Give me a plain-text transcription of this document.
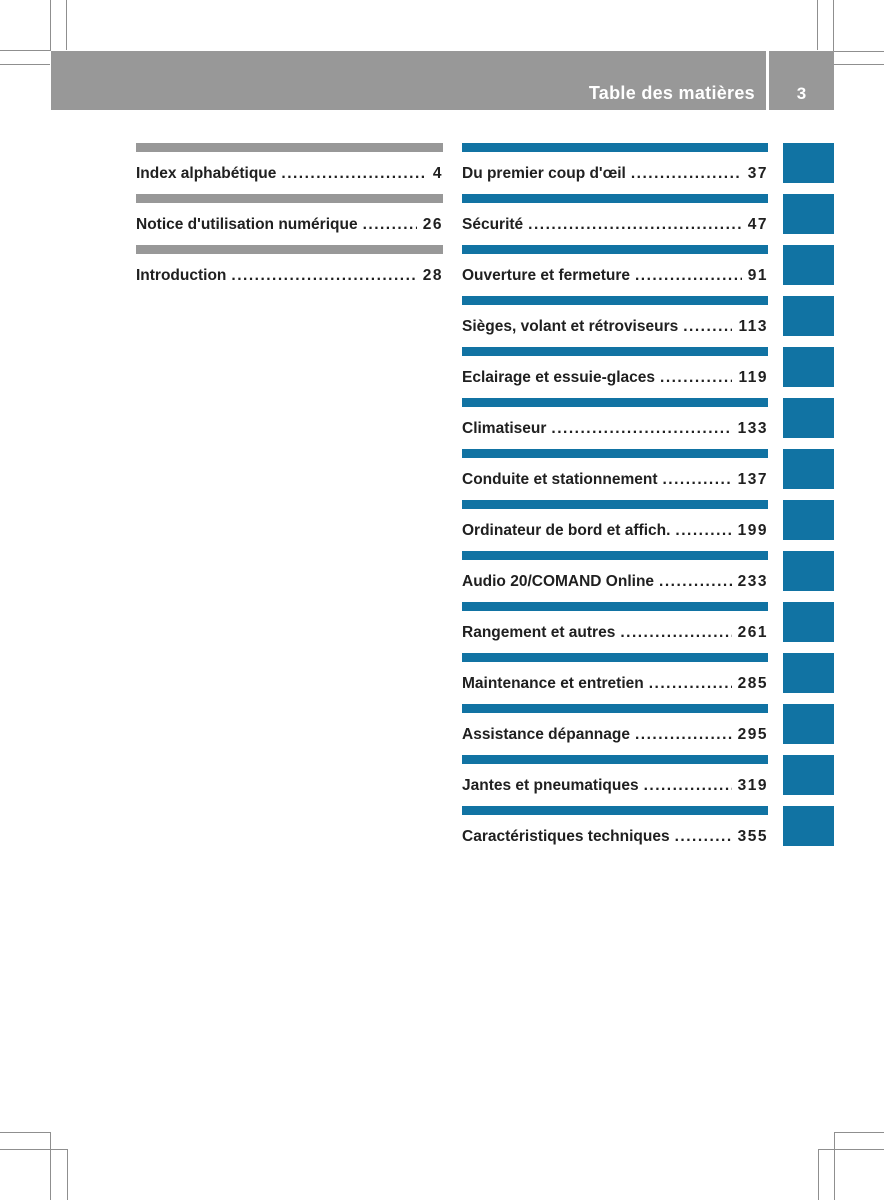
Table des matières 3
Index alphabétique .....	4
Notice d'utilisation numérique .....	26
Introduction .....	28
Du premier coup d'œil .....	37
Sécurité .....	47
Ouverture et fermeture .....	91
Sièges, volant et rétroviseurs .....	113
Eclairage et essuie-glaces .....	119
Climatiseur .....	133
Conduite et stationnement .....	137
Ordinateur de bord et affich. .....	199
Audio 20/COMAND Online .....	233
Rangement et autres .....	261
Maintenance et entretien .....	285
Assistance dépannage .....	295
Jantes et pneumatiques .....	319
Caractéristiques techniques .....	355
